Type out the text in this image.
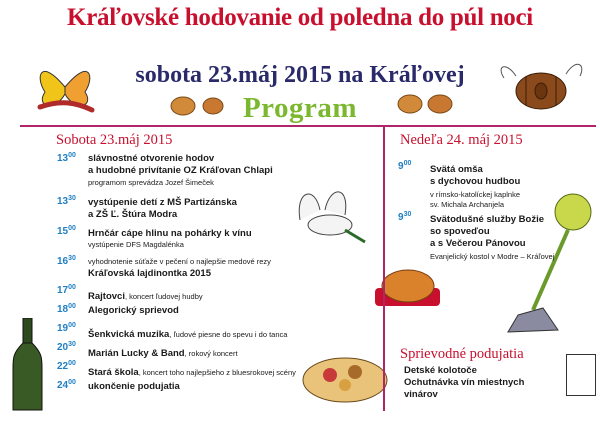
Kráľovské hodovanie od poledna do púl noci
sobota 23.máj 2015 na Kráľovej
Program
Sobota 23.máj 2015
$13^{00}$ slávnostné otvorenie hodov
a hudobné privítanie OZ Kráľovan Chlapi
programom sprevádza Jozef Šimeček
$13^{30}$ vystúpenie detí z MŠ Partizánska
a ZŠ Ľ. Štúra Modra
$15^{00}$ Hrnčár cápe hlinu na pohárky k vínu
vystúpenie DFS Magdalénka
$16^{30}$ vyhodnotenie súťaže v pečení o najlepšie medové rezy
Kráľovská lajdinontka 2015
$17^{00}$
Rajtovci, koncert ľudovej hudby
$18^{00}$ Alegorický sprievod
$19^{00}$
Šenkvická muzika, ľudové piesne do spevu i do tanca
$20^{30}$
Marián Lucky & Band, rokový koncert
$22^{00}$
Stará škola, koncert toho najlepšieho z bluesrokovej scény
$24^{00}$ ukončenie podujatia
Nedeľa 24. máj 2015
$9^{00}$
Svätá omša
s dychovou hudbou
v rímsko-katolíckej kaplnke
sv. Michala Archanjela
$9^{30}$ Svätodušné služby Božie
so spoveďou
a s Večerou Pánovou
Evanjelický kostol v Modre – Kráľovej
Sprievodné podujatia
Detské kolotoče
Ochutnávka vín miestnych
vinárov
